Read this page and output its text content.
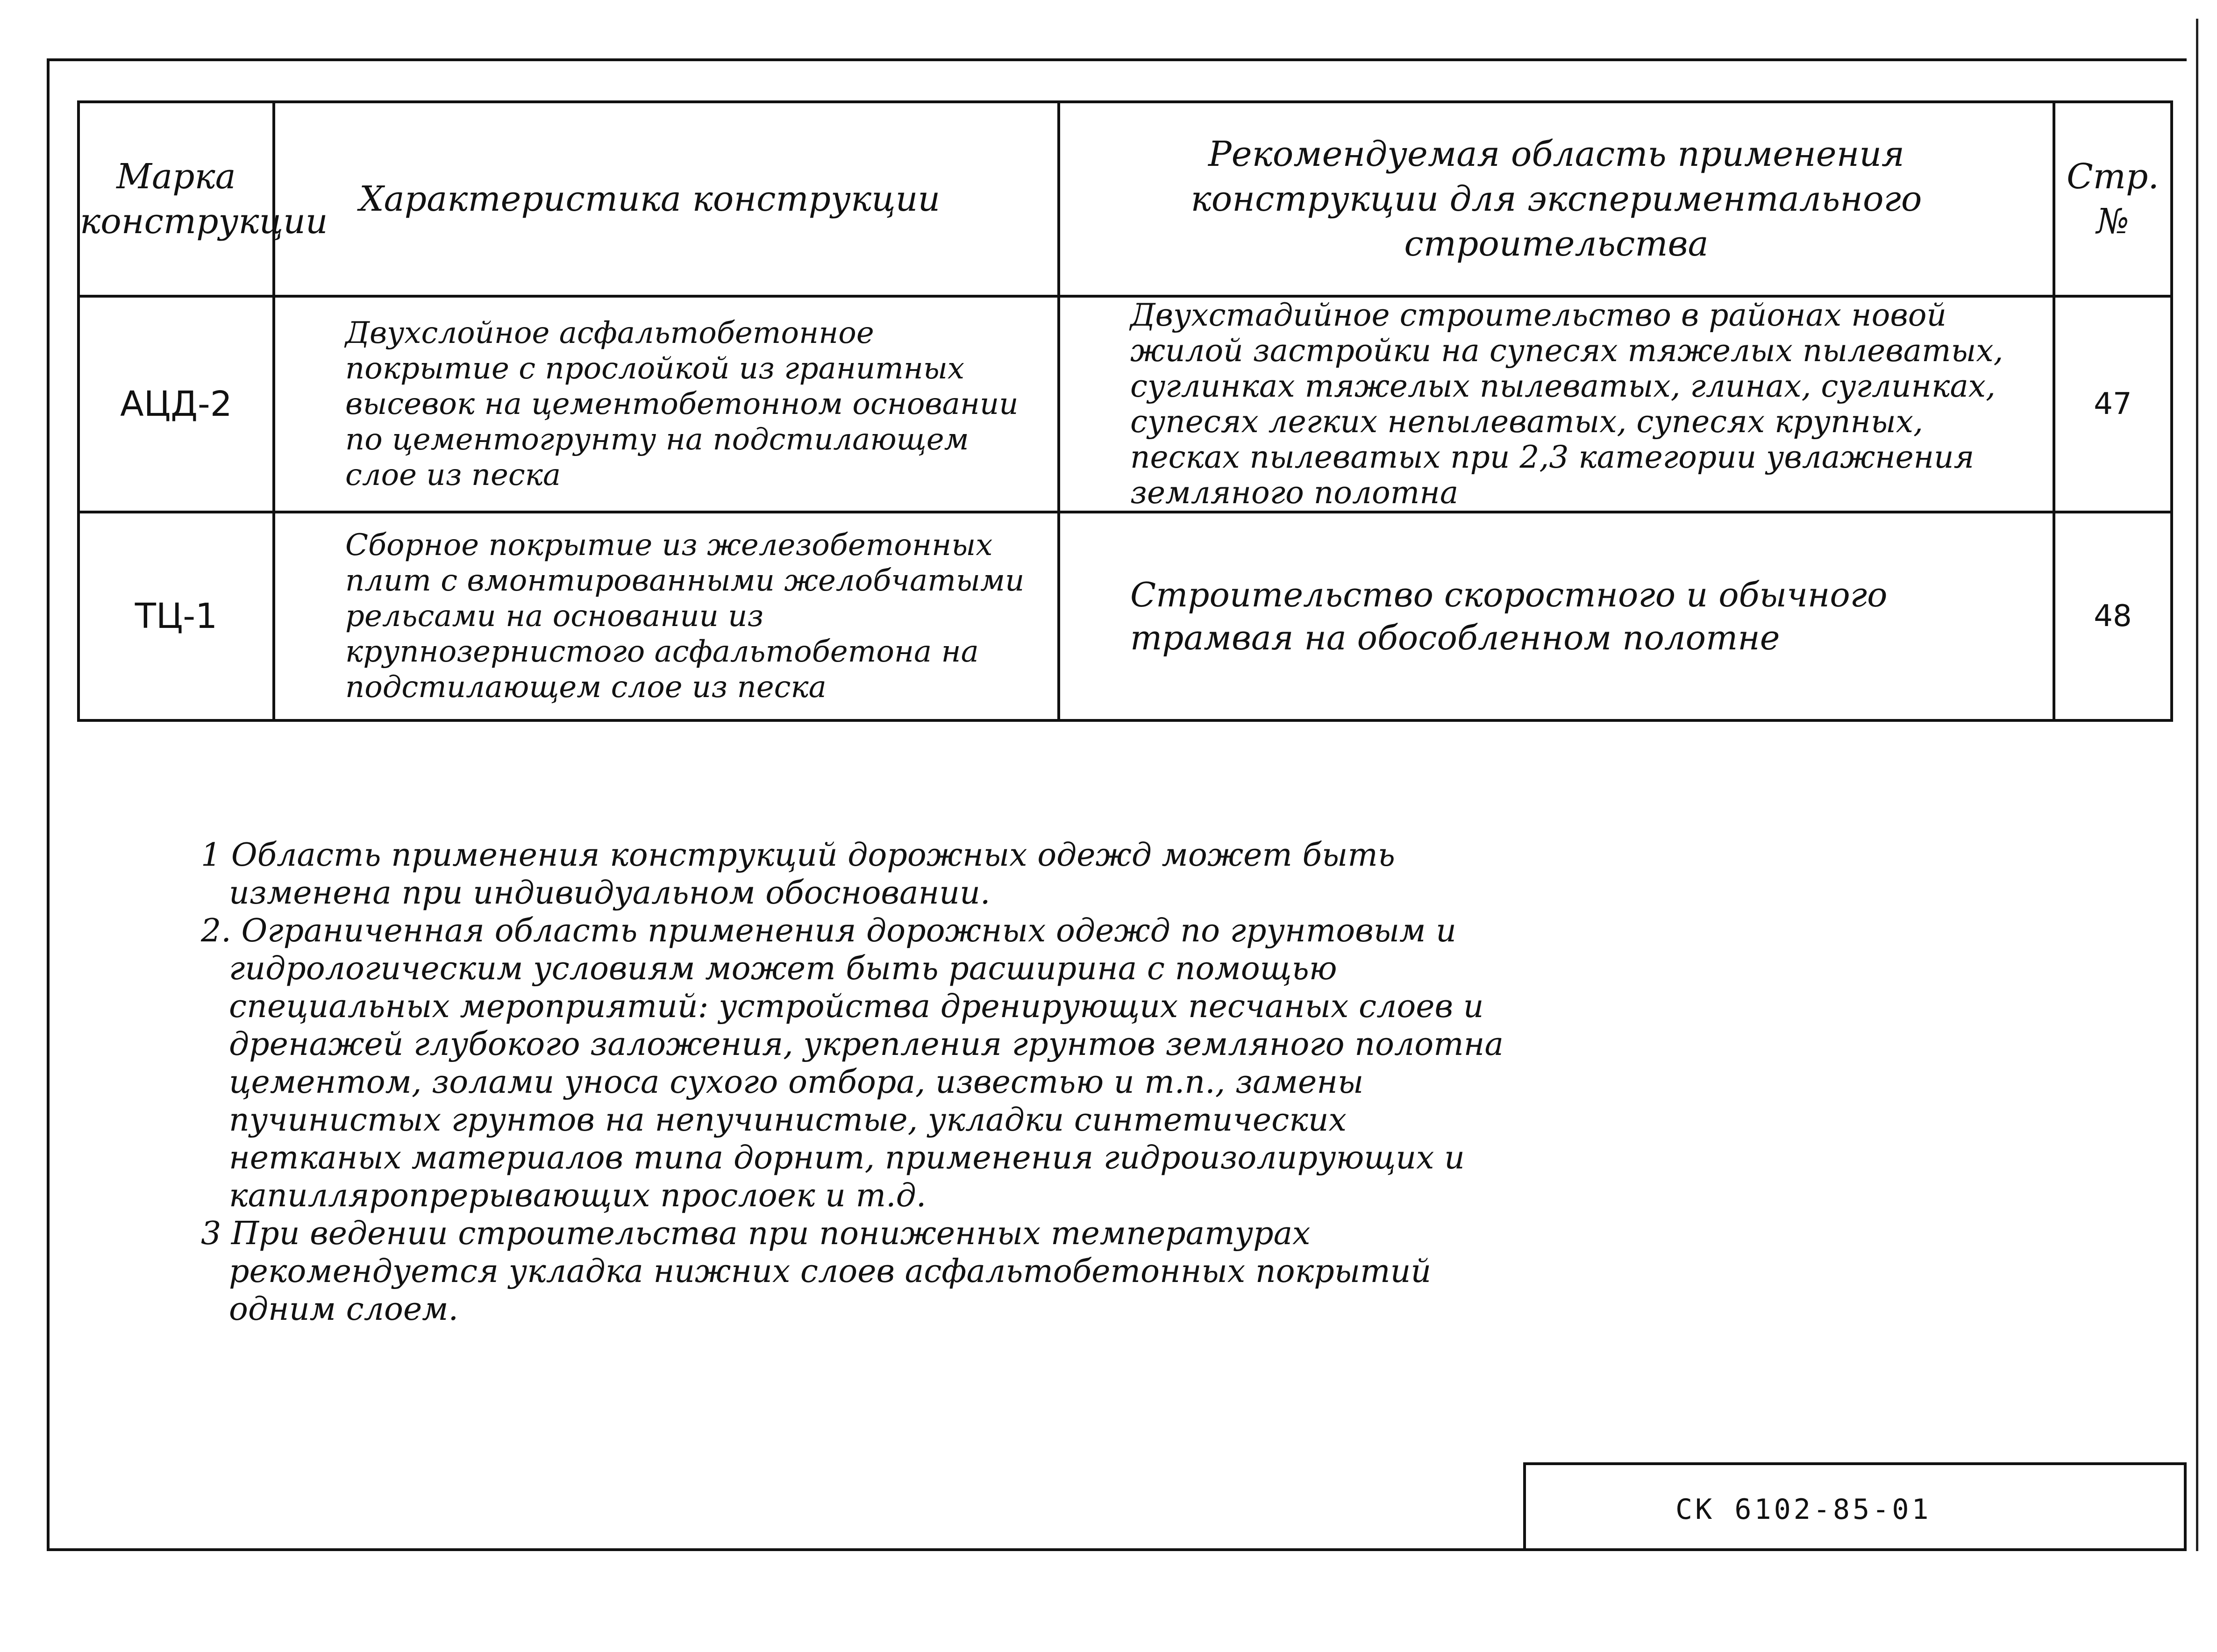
Марка конструкции	Характеристика конструкции	Рекомендуемая область применения конструкции для экспериментального строительства	Стр.№
АЦД-2	Двухслойное асфальтобетонное покрытие с прослойкой из гранитных высевок на цементобетонном основании по цементогрунту на подстилающем слое из песка	Двухстадийное строительство в районах новой жилой застройки на супесях тяжелых пылеватых, суглинках тяжелых пылеватых, глинах, суглинках, супесях легких непылеватых, супесях крупных, песках пылеватых при 2,3 категории увлажнения земляного полотна	47
ТЦ-1	Сборное покрытие из железобетонных плит с вмонтированными желобчатыми рельсами на основании из крупнозернистого асфальтобетона на подстилающем слое из песка	Строительство скоростного и обычного трамвая на обособленном полотне	48

1 Область применения конструкций дорожных одежд может быть изменена при индивидуальном обосновании.

2. Ограниченная область применения дорожных одежд по грунтовым и гидрологическим условиям может быть расширина с помощью специальных мероприятий: устройства дренирующих песчаных слоев и дренажей глубокого заложения, укрепления грунтов земляного полотна цементом, золами уноса сухого отбора, известью и т.п., замены пучинистых грунтов на непучинистые, укладки синтетических нетканых материалов типа дорнит, применения гидроизолирующих и капилляропрерывающих прослоек и т.д.

3 При ведении строительства при пониженных температурах рекомендуется укладка нижних слоев асфальтобетонных покрытий одним слоем.

СК 6102-85-01
